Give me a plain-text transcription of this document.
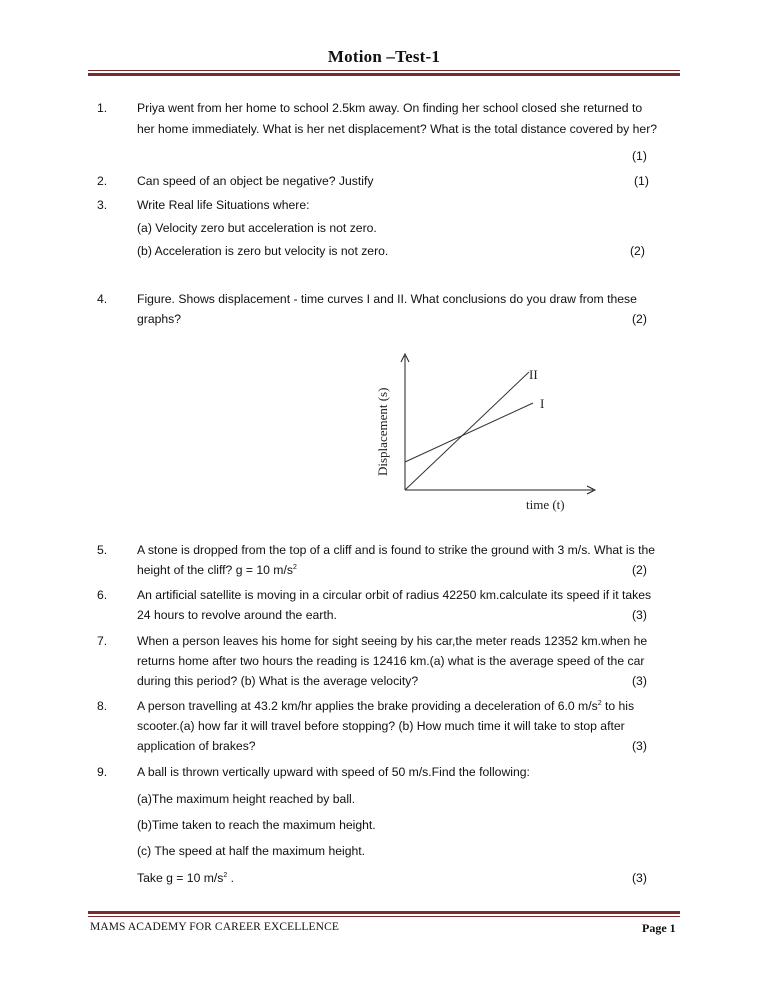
Motion –Test-1
1. Priya went from her home to school 2.5km away. On finding her school closed she returned to
her home immediately. What is her net displacement? What is the total distance covered by her?
(1)
2. Can speed of an object be negative? Justify	(1)
3. Write Real life Situations where:
(a) Velocity zero but acceleration is not zero.
(b) Acceleration is zero but velocity is not zero.	(2)
4. Figure. Shows displacement - time curves I and II. What conclusions do you draw from these
graphs?	(2)
II
I
Displacement (s)
time (t)
5. A stone is dropped from the top of a cliff and is found to strike the ground with 3 m/s. What is the
height of the cliff? g = 10 $m/s^2$	(2)
6. An artificial satellite is moving in a circular orbit of radius 42250 km.calculate its speed if it takes
24 hours to revolve around the earth.	(3)
7. When a person leaves his home for sight seeing by his car,the meter reads 12352 km.when he
returns home after two hours the reading is 12416 km.(a) what is the average speed of the car
during this period? (b) What is the average velocity?	(3)
8. A person travelling at 43.2 km/hr applies the brake providing a deceleration of 6.0 $m/s^2$ to his
scooter.(a) how far it will travel before stopping? (b) How much time it will take to stop after
application of brakes?	(3)
9. A ball is thrown vertically upward with speed of 50 m/s.Find the following:
(a)The maximum height reached by ball.
(b)Time taken to reach the maximum height.
(c) The speed at half the maximum height.
Take g = 10 $m/s^2$ .	(3)
MAMS ACADEMY FOR CAREER EXCELLENCE	Page 1
